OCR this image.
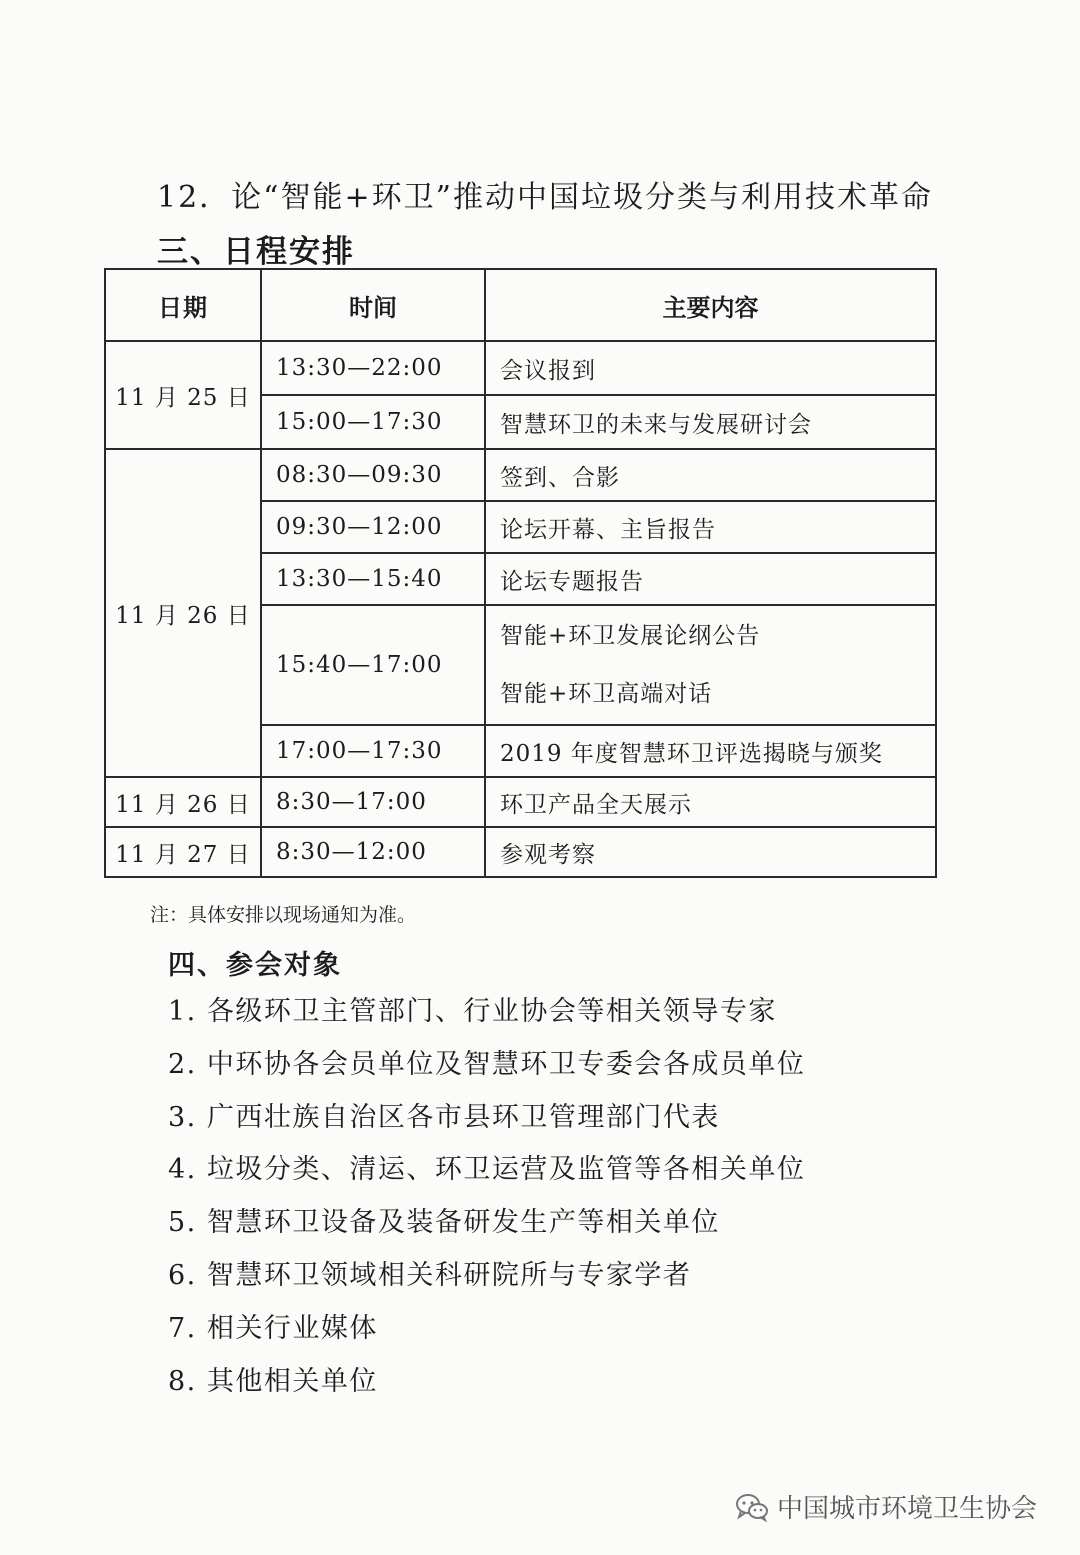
12．论“智能+环卫”推动中国垃圾分类与利用技术革命
三、日程安排
日期	时间	主要内容
11 月 25 日	13:30—22:00	会议报到
	15:00—17:30	智慧环卫的未来与发展研讨会
11 月 26 日	08:30—09:30	签到、合影
	09:30—12:00	论坛开幕、主旨报告
	13:30—15:40	论坛专题报告
	15:40—17:00	智能+环卫发展论纲公告
智能+环卫高端对话

	17:00—17:30	2019 年度智慧环卫评选揭晓与颁奖
11 月 26 日	8:30—17:00	环卫产品全天展示
11 月 27 日	8:30—12:00	参观考察
注：具体安排以现场通知为准。
四、参会对象
1. 各级环卫主管部门、行业协会等相关领导专家
2. 中环协各会员单位及智慧环卫专委会各成员单位
3. 广西壮族自治区各市县环卫管理部门代表
4. 垃圾分类、清运、环卫运营及监管等各相关单位
5. 智慧环卫设备及装备研发生产等相关单位
6. 智慧环卫领域相关科研院所与专家学者
7. 相关行业媒体
8. 其他相关单位
中国城市环境卫生协会
